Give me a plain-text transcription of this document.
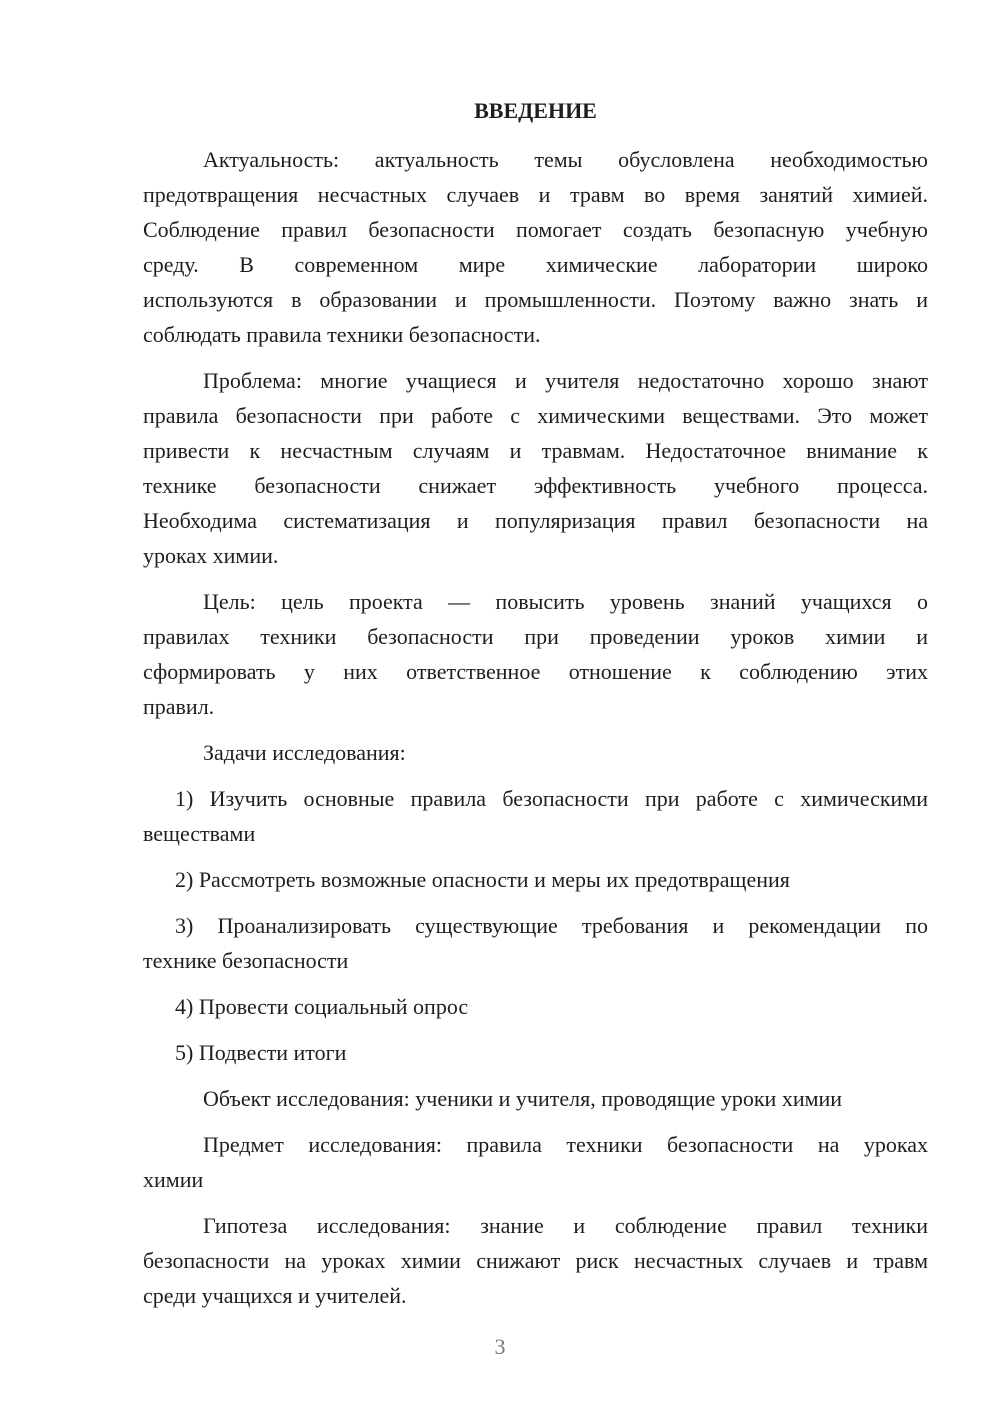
ВВЕДЕНИЕ
Актуальность: актуальность темы обусловлена необходимостью
предотвращения несчастных случаев и травм во время занятий химией.
Соблюдение правил безопасности помогает создать безопасную учебную
среду. В современном мире химические лаборатории широко
используются в образовании и промышленности. Поэтому важно знать и
соблюдать правила техники безопасности.
Проблема: многие учащиеся и учителя недостаточно хорошо знают
правила безопасности при работе с химическими веществами. Это может
привести к несчастным случаям и травмам. Недостаточное внимание к
технике безопасности снижает эффективность учебного процесса.
Необходима систематизация и популяризация правил безопасности на
уроках химии.
Цель: цель проекта — повысить уровень знаний учащихся о
правилах техники безопасности при проведении уроков химии и
сформировать у них ответственное отношение к соблюдению этих
правил.
Задачи исследования:
1) Изучить основные правила безопасности при работе с химическими
веществами
2) Рассмотреть возможные опасности и меры их предотвращения
3) Проанализировать существующие требования и рекомендации по
технике безопасности
4) Провести социальный опрос
5) Подвести итоги
Объект исследования: ученики и учителя, проводящие уроки химии
Предмет исследования: правила техники безопасности на уроках
химии
Гипотеза исследования: знание и соблюдение правил техники
безопасности на уроках химии снижают риск несчастных случаев и травм
среди учащихся и учителей.
3
